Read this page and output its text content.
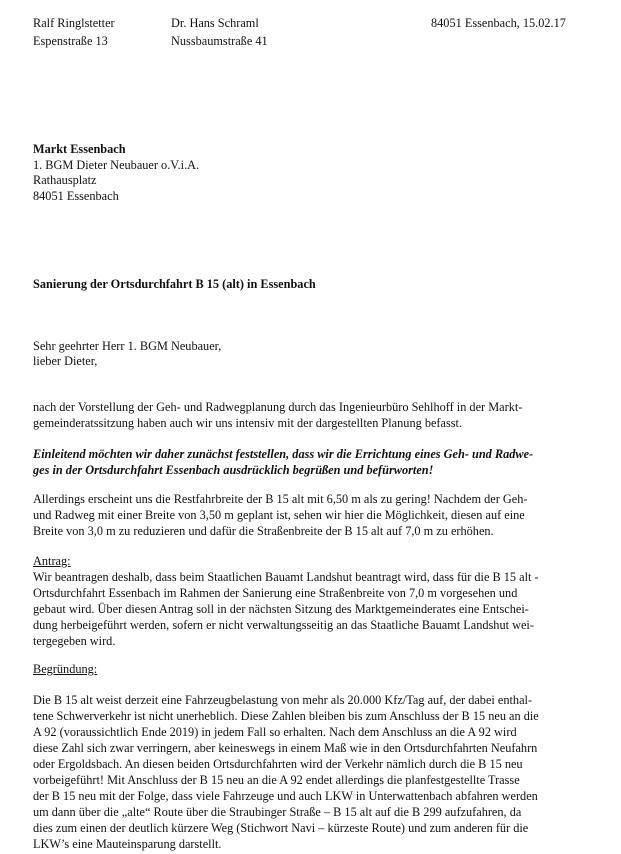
Ralf Ringlstetter
Espenstraße 13
Dr. Hans Schraml
Nussbaumstraße 41
84051 Essenbach, 15.02.17
Markt Essenbach
1. BGM Dieter Neubauer o.V.i.A.
Rathausplatz
84051 Essenbach
Sanierung der Ortsdurchfahrt B 15 (alt) in Essenbach
Sehr geehrter Herr 1. BGM Neubauer,
lieber Dieter,
nach der Vorstellung der Geh- und Radwegplanung durch das Ingenieurbüro Sehlhoff in der Markt-
gemeinderatssitzung haben auch wir uns intensiv mit der dargestellten Planung befasst.
Einleitend möchten wir daher zunächst feststellen, dass wir die Errichtung eines Geh- und Radwe-
ges in der Ortsdurchfahrt Essenbach ausdrücklich begrüßen und befürworten!
Allerdings erscheint uns die Restfahrbreite der B 15 alt mit 6,50 m als zu gering! Nachdem der Geh-
und Radweg mit einer Breite von 3,50 m geplant ist, sehen wir hier die Möglichkeit, diesen auf eine
Breite von 3,0 m zu reduzieren und dafür die Straßenbreite der B 15 alt auf 7,0 m zu erhöhen.
Antrag:
Wir beantragen deshalb, dass beim Staatlichen Bauamt Landshut beantragt wird, dass für die B 15 alt -
Ortsdurchfahrt Essenbach im Rahmen der Sanierung eine Straßenbreite von 7,0 m vorgesehen und
gebaut wird. Über diesen Antrag soll in der nächsten Sitzung des Marktgemeinderates eine Entschei-
dung herbeigeführt werden, sofern er nicht verwaltungsseitig an das Staatliche Bauamt Landshut wei-
tergegeben wird.
Begründung:
Die B 15 alt weist derzeit eine Fahrzeugbelastung von mehr als 20.000 Kfz/Tag auf, der dabei enthal-
tene Schwerverkehr ist nicht unerheblich. Diese Zahlen bleiben bis zum Anschluss der B 15 neu an die
A 92 (voraussichtlich Ende 2019) in jedem Fall so erhalten. Nach dem Anschluss an die A 92 wird
diese Zahl sich zwar verringern, aber keineswegs in einem Maß wie in den Ortsdurchfahrten Neufahrn
oder Ergoldsbach. An diesen beiden Ortsdurchfahrten wird der Verkehr nämlich durch die B 15 neu
vorbeigeführt! Mit Anschluss der B 15 neu an die A 92 endet allerdings die planfestgestellte Trasse
der B 15 neu mit der Folge, dass viele Fahrzeuge und auch LKW in Unterwattenbach abfahren werden
um dann über die „alte“ Route über die Straubinger Straße – B 15 alt auf die B 299 aufzufahren, da
dies zum einen der deutlich kürzere Weg (Stichwort Navi – kürzeste Route) und zum anderen für die
LKW’s eine Mauteinsparung darstellt.
